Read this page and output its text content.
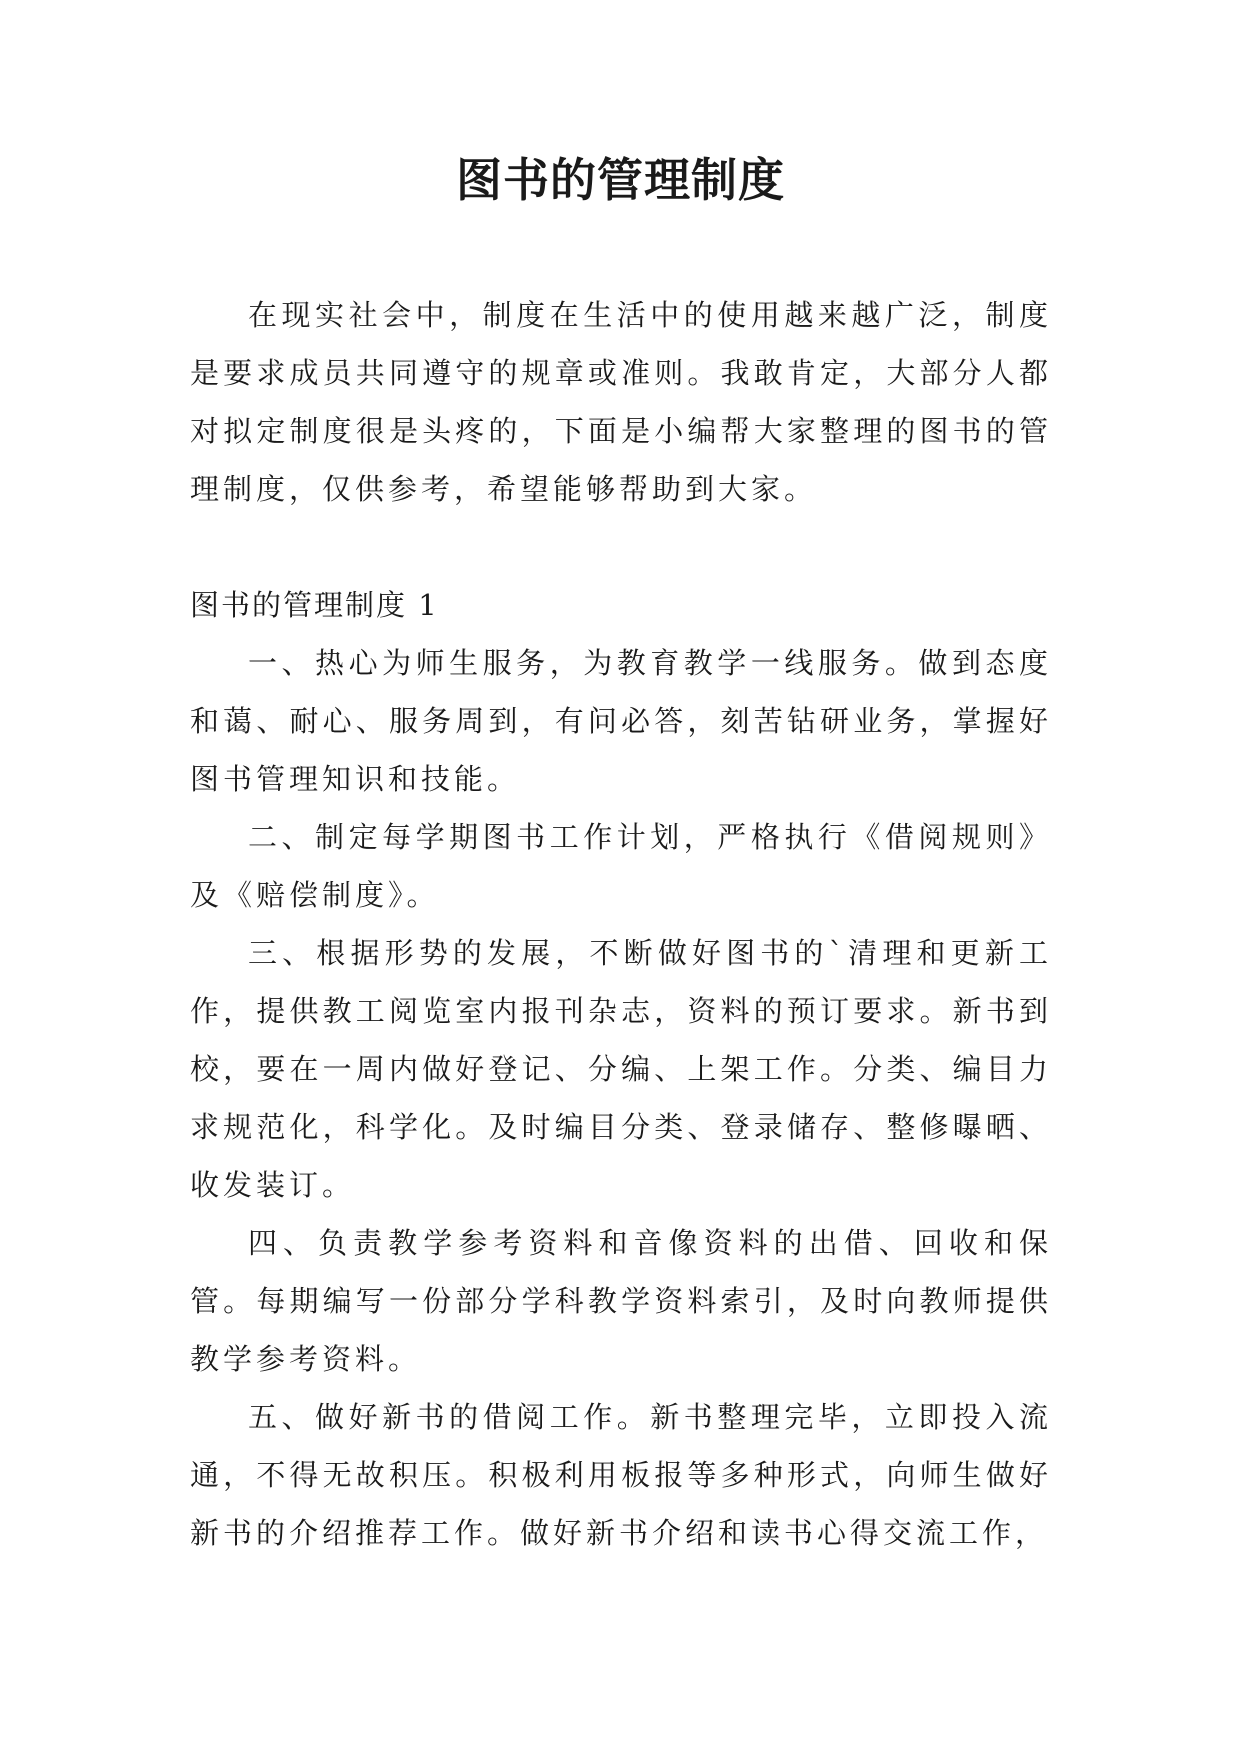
图书的管理制度

在现实社会中，制度在生活中的使用越来越广泛，制度是要求成员共同遵守的规章或准则。我敢肯定，大部分人都对拟定制度很是头疼的，下面是小编帮大家整理的图书的管理制度，仅供参考，希望能够帮助到大家。

图书的管理制度 1

一、热心为师生服务，为教育教学一线服务。做到态度和蔼、耐心、服务周到，有问必答，刻苦钻研业务，掌握好图书管理知识和技能。

二、制定每学期图书工作计划，严格执行《借阅规则》及《赔偿制度》。

三、根据形势的发展，不断做好图书的`清理和更新工作，提供教工阅览室内报刊杂志，资料的预订要求。新书到校，要在一周内做好登记、分编、上架工作。分类、编目力求规范化，科学化。及时编目分类、登录储存、整修曝晒、收发装订。

四、负责教学参考资料和音像资料的出借、回收和保管。每期编写一份部分学科教学资料索引，及时向教师提供教学参考资料。

五、做好新书的借阅工作。新书整理完毕，立即投入流通，不得无故积压。积极利用板报等多种形式，向师生做好新书的介绍推荐工作。做好新书介绍和读书心得交流工作，
